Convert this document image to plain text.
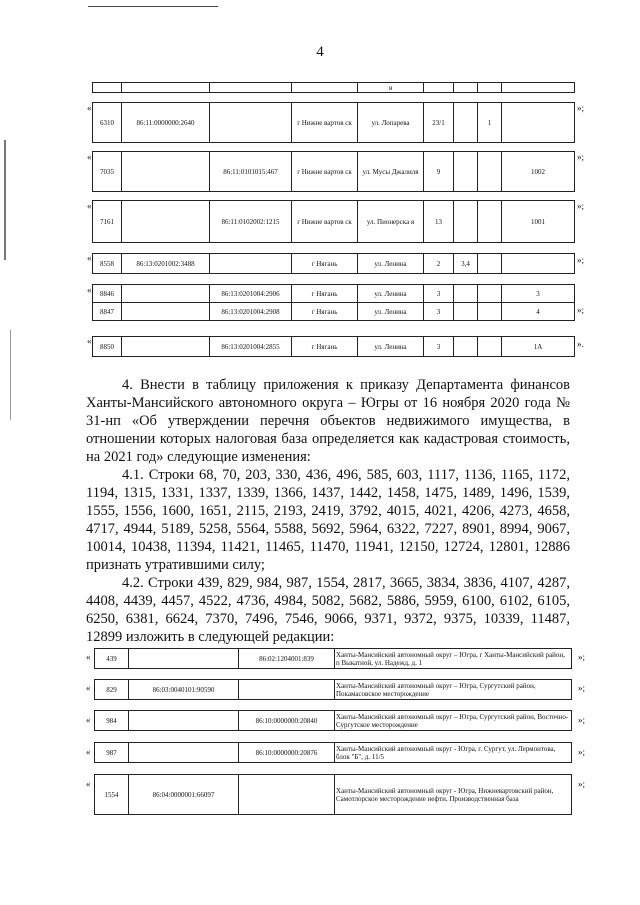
4
					я				
«
6310	86:11:0000000:2640		г Нижне вартов ск	ул. Лопарева	23/1		1	
»;
«
7035		86:11:0101015:467	г Нижне вартов ск	ул. Мусы Джалиля	9			1002
»;
«
7161		86:11:0102002:1215	г Нижне вартов ск	ул. Пионерска я	13			1001
»;
«
8558	86:13:0201002:3488		г Нягань	ул. Ленина	2	3,4			»;
« 8846		86:13:0201004:2906	г Нягань	ул. Ленина	3			3
8847		86:13:0201004:2908	г Нягань	ул. Ленина	3			4	»;
«
8850		86:13:0201004:2855	г Нягань	ул. Ленина	3			1А	».

4. Внести в таблицу приложения к приказу Департамента финансов Ханты-Мансийского автономного округа – Югры от 16 ноября 2020 года № 31-нп «Об утверждении перечня объектов недвижимого имущества, в отношении которых налоговая база определяется как кадастровая стоимость, на 2021 год» следующие изменения:

4.1. Строки 68, 70, 203, 330, 436, 496, 585, 603, 1117, 1136, 1165, 1172, 1194, 1315, 1331, 1337, 1339, 1366, 1437, 1442, 1458, 1475, 1489, 1496, 1539, 1555, 1556, 1600, 1651, 2115, 2193, 2419, 3792, 4015, 4021, 4206, 4273, 4658, 4717, 4944, 5189, 5258, 5564, 5588, 5692, 5964, 6322, 7227, 8901, 8994, 9067, 10014, 10438, 11394, 11421, 11465, 11470, 11941, 12150, 12724, 12801, 12886 признать утратившими силу;

4.2. Строки 439, 829, 984, 987, 1554, 2817, 3665, 3834, 3836, 4107, 4287, 4408, 4439, 4457, 4522, 4736, 4984, 5082, 5682, 5886, 5959, 6100, 6102, 6105, 6250, 6381, 6624, 7370, 7496, 7546, 9066, 9371, 9372, 9375, 10339, 11487, 12899 изложить в следующей редакции:

« 439		86:02:1204001:839	Ханты-Мансийский автономный округ – Югра, г Ханты-Мансийский район, п Выкатной, ул. Надежд, д. 1
»;
« 829	86:03:0040101:90590		Ханты-Мансийский автономный округ – Югра, Сургутский район, Покамасовское месторождение
»;
« 984		86:10:0000000:20840	Ханты-Мансийский автономный округ – Югра, Сургутский район, Восточно-Сургутское месторождение	»;
« 987		86:10:0000000:20876	Ханты-Мансийский автономный округ - Югра, г. Сургут, ул. Лермонтова, блок "Б", д. 11/5	»;
«
1554	86:04:0000001:66097		Ханты-Мансийский автономный округ - Югра, Нижневартовский район, Самотлорское месторождение нефти, Производственная база
»;
